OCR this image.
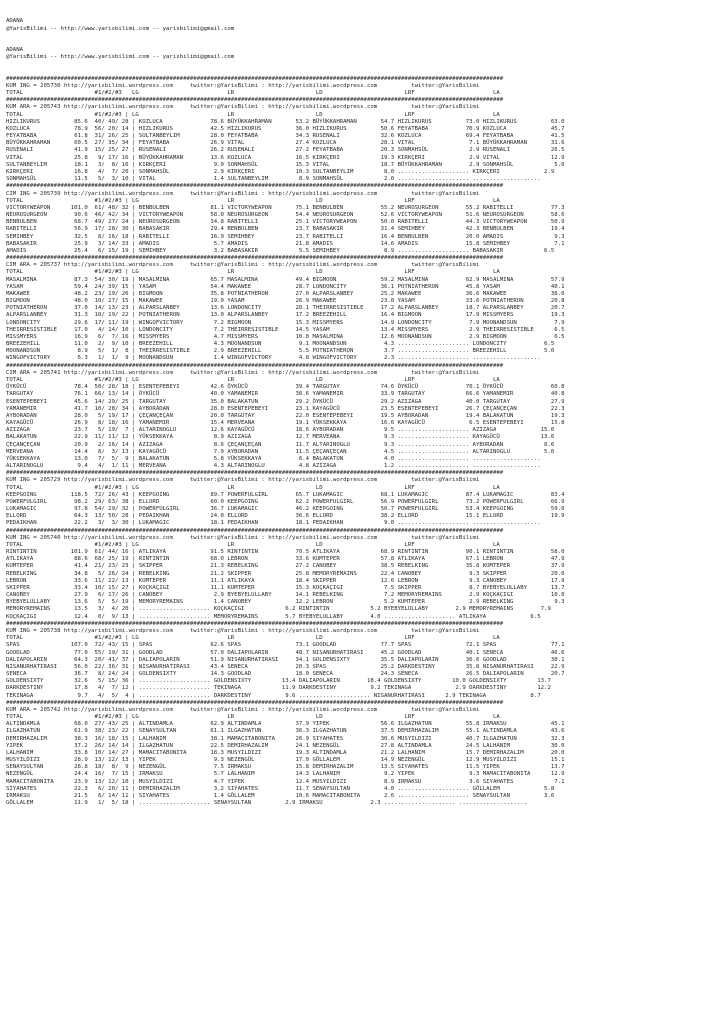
ADANA
@YarisBilimi -- http://www.yarisbilimi.com -- yarisbilimi@gmail.com
ADANA
@YarisBilimi -- http://www.yarisbilimi.com -- yarisbilimi@gmail.com

##################################################################################################################################################
KUM ING = 205730 http://yarisbilimi.wordpress.com     twitter:@YarisBilimi : http://yarisbilimi.wordpress.com          twitter:@YarisBilimi
TOTAL                     #1/#2/#3   LG                          LR                        LD                        LRF                       LA
##################################################################################################################################################
KUM ARA = 205743 http://yarisbilimi.wordpress.com     twitter:@YarisBilimi : http://yarisbilimi.wordpress.com          twitter:@YarisBilimi
TOTAL                     #1/#2/#3 | LG                          LR                        LD                        LRF                       LA
HIZLIKURUS          85.6  40/ 49/ 28 | KOZLUCA              78.6 BÜYÜKKAHRAMAN       53.2 BÜYÜKKAHRAMAN       54.7 HIZLIKURUS          73.0 HIZLIKURUS          63.0
KOZLUCA             78.9  56/ 20/ 14 | HIZLIKURUS           42.5 HIZLIKURUS          36.0 HIZLIKURUS          50.6 FEYATBABA           70.9 KOZLUCA             45.7
FEYATBABA           61.8  31/ 26/ 25 | SULTANBEYLIM         28.0 FEYATBABA           34.3 RUSENALI            32.6 KOZLUCA             69.4 FEYATBABA           41.5
BÜYÜKKAHRAMAN       60.5  27/ 35/ 34 | FEYATBABA            26.9 VITAL               27.4 KOZLUCA             28.1 VITAL                7.1 BÜYÜKKAHRAMAN       31.6
RUSENALI            41.9  15/ 25/ 27 | RUSENALI             26.2 RUSENALI            27.2 FEYATBABA           20.3 SONMAHSÜL            2.9 RUSENALI            26.5
VITAL               25.8   9/ 17/ 16 | BÜYÜKKAHRAMAN        13.6 KOZLUCA             16.5 KIRKÇERI            19.3 KIRKÇERI             2.9 VITAL               12.9
SULTANBEYLIM        18.1   3/  8/ 16 | KIRKÇERI              9.0 SONMAHSÜL           15.3 VITAL               18.7 BÜYÜKKAHRAMAN        2.9 SONMAHSÜL            5.0
KIRKÇERI            16.8   4/  7/ 20 | SONMAHSÜL             2.9 KIRKÇERI            10.3 SULTANBEYLIM         8.0 ..................... KIRKÇERI             2.9
SONMAHSÜL           11.5   5/  3/ 10 | VITAL                 1.4 SULTANBEYLIM         8.9 SONMAHSÜL            2.0 ..................... ....................
##################################################################################################################################################
CIM ING = 205739 http://yarisbilimi.wordpress.com     twitter:@YarisBilimi : http://yarisbilimi.wordpress.com          twitter:@YarisBilimi
TOTAL                     #1/#2/#3 | LG                          LR                        LD                        LRF                       LA
VICTORYWEAPON      101.0  61/ 48/ 32 | BENBULBEN            81.1 VICTORYWEAPON       75.1 BENBULBEN           55.2 NEUROSURGEON        55.2 RABITELLI           77.3
NEUROSURGEON        90.6  46/ 42/ 34 | VICTORYWEAPON        58.0 NEUROSURGEON        54.4 NEUROSURGEON        52.6 VICTORYWEAPON       51.6 NEUROSURGEON        58.6
BENBULBEN           68.7  49/ 27/ 24 | NEUROSURGEON         34.8 RABITELLI           25.1 VICTORYWEAPON       50.0 RABITELLI           44.3 VICTORYWEAPON       50.9
RABITELLI           56.9  17/ 28/ 30 | BABASAKIR            29.4 BENBULBEN           23.7 BABASAKIR           31.4 SEMIHBEY            42.3 BENBULBEN           19.4
SEMIHBEY            32.5   8/ 16/ 18 | RABITELLI            16.9 SEMIHBEY            23.7 RABITELLI           16.4 BENBULBEN           20.0 AMADIS               9.3
BABASAKIR           25.9   3/ 14/ 33 | AMADIS                5.7 AMADIS              21.8 AMADIS              14.6 AMADIS              15.8 SEMIHBEY             7.1
AMADIS              25.4   6/ 15/ 19 | SEMIHBEY              3.2 BABASAKIR            5.5 SEMIHBEY             8.9 ..................... BABASAKIR            6.5
##################################################################################################################################################
CIM ARA = 205737 http://yarisbilimi.wordpress.com     twitter:@YarisBilimi : http://yarisbilimi.wordpress.com          twitter:@YarisBilimi
TOTAL                     #1/#2/#3 | LG                          LR                        LD                        LRF                       LA
MASALMINA           87.3  54/ 30/ 19 | MASALMINA            65.7 MASALMINA           49.4 BIGMOON             59.2 MASALMINA           62.9 MASALMINA           57.9
YASAM               59.4  24/ 39/ 15 | YASAM                54.4 MAKAWEE             28.7 LONDONCITY          36.1 POTNIATHERON        45.8 YASAM               40.1
MAKAWEE             48.2  23/ 19/ 26 | BIGMOON              35.8 POTNIATHERON        27.0 ALPARSLANBEY        25.2 MAKAWEE             36.6 MAKAWEE             38.0
BIGMOON             48.0  10/ 27/ 15 | MAKAWEE              19.0 YASAM               26.9 MAKAWEE             23.8 YASAM               33.6 POTNIATHERON        20.8
POTNIATHERON        37.0  14/ 13/ 23 | ALPARSLANBEY         13.6 LONDONCITY          20.1 THEIRRESISTIBLE     17.2 ALPARSLANBEY        18.7 ALPARSLANBEY        20.7
ALPARSLANBEY        31.3  10/ 19/ 22 | POTNIATHERON         13.0 ALPARSLANBEY        17.2 BREEZEHILL          16.4 BIGMOON             17.9 MISSMYERS           19.3
LONDONCITY          29.6  17/ 11/ 19 | WINGOFVICTORY         7.2 BIGMOON             15.3 MISSMYERS           14.9 LONDONCITY           7.9 MOONANDSUN           7.9
THEIRRESISTIBLE     17.0   4/ 14/ 10 | LONDONCITY            7.2 THEIRRESISTIBLE     14.5 YASAM               13.4 MISSMYERS            2.9 THEIRRESISTIBLE      6.5
MISSMYERS           16.9   6/  7/ 16 | MISSMYERS             4.7 MISSMYERS           10.8 MASALMINA           12.6 MOONANDSUN           2.9 BIGMOON              6.5
BREEZEHILL          11.0   2/  9/ 10 | BREEZEHILL            4.3 MOONANDSUN           9.1 MOONANDSUN           4.3 ..................... LONDONCITY           6.5
MOONANDSUN           8.9   5/  1/  8 | THEIRRESISTIBLE       2.9 BREEZEHILL           5.5 POTNIATHERON         3.7 ..................... BREEZEHILL           5.0
WINGOFVICTORY        6.3   1/  1/  9 | MOONANDSUN            1.4 WINGOFVICTORY        4.8 WINGOFVICTORY        2.3 ..................... ....................
##################################################################################################################################################
CIM ARA = 205741 http://yarisbilimi.wordpress.com     twitter:@YarisBilimi : http://yarisbilimi.wordpress.com          twitter:@YarisBilimi
TOTAL                     #1/#2/#3 | LG                          LR                        LD                        LRF                       LA
ÖYKÜCÜ              78.4  50/ 28/ 18 | ESENTEPEBEYI         42.6 ÖYKÜCÜ              39.4 TARGUTAY            74.6 ÖYKÜCÜ              70.1 ÖYKÜCÜ              60.8
TARGUTAY            76.1  66/ 13/ 14 | ÖYKÜCÜ               40.0 YAMANEMIR           30.6 YAMANEMIR           33.9 TARGUTAY            66.6 YAMANEMIR           40.8
ESENTEPEBEYI        45.6  14/ 29/ 25 | TARGUTAY             35.0 BALAKATUN           29.2 ÖYKÜCÜ              29.2 AZIZAGA             40.0 TARGUTAY            27.9
YAMANEMIR           41.7  10/ 28/ 34 | AYBORADAN            28.0 ESENTEPEBEYI        23.1 KAYAGÜCÜ            23.5 ESENTEPEBEYI        26.7 ÇEÇANÇEÇAN          22.3
AYBORADAN           28.0   5/ 19/ 17 | ÇEÇANÇEÇAN           20.0 TARGUTAY            22.0 ESENTEPEBEYI        19.5 AYBORADAN           19.4 BALAKATUN           19.3
KAYAGÜCÜ            26.9   8/ 18/ 16 | YAMANEMIR            15.4 MERVEANA            19.1 YÜKSEKKAYA          16.6 KAYAGÜCÜ             6.5 ESENTEPEBEYI        15.8
AZIZAGA             23.7   5/ 19/  7 | ALTARINOGLU          12.6 KAYAGÜCÜ            18.6 AYBORADAN            9.5 ..................... AZIZAGA             15.0
BALAKATUN           22.9  11/ 11/ 12 | YÜKSEKKAYA            8.9 AZIZAGA             12.7 MERVEANA             9.3 ..................... KAYAGÜCÜ            13.6
ÇEÇANÇEÇAN          20.9   2/ 16/ 14 | AZIZAGA               8.6 ÇEÇANÇEÇAN          11.7 ALTARINOGLU          9.3 ..................... AYBORADAN            8.6
MERVEANA            14.4   8/  3/ 13 | KAYAGÜCÜ              7.9 AYBORADAN           11.5 ÇEÇANÇEÇAN           4.5 ..................... ALTARINOGLU          5.0
YÜKSEKKAYA          13.0   7/  5/  9 | BALAKATUN             5.8 YÜKSEKKAYA           6.4 BALAKATUN            4.0 ..................... ....................
ALTARINOGLU          9.4   4/  1/ 11 | MERVEANA              4.3 ALTARINOGLU          4.8 AZIZAGA              1.2 ..................... ....................
##################################################################################################################################################
KUM ING = 205729 http://yarisbilimi.wordpress.com     twitter:@YarisBilimi : http://yarisbilimi.wordpress.com          twitter:@YarisBilimi
TOTAL                     #1/#2/#3 | LG                          LR                        LD                        LRF                       LA
KEEPGOING          118.5  72/ 26/ 43 | KEEPGOING            89.7 POWERFULGIRL        65.7 LUKAMAGIC           68.1 LUKAMAGIC           87.4 LUKAMAGIC           83.4
POWERFULGIRL        98.2  29/ 63/ 38 | ELLORD               60.0 KEEPGOING           62.2 POWERFULGIRL        56.9 POWERFULGIRL        73.2 POWERFULGIRL        66.9
LUKAMAGIC           97.8  54/ 29/ 32 | POWERFULGIRL         36.7 LUKAMAGIC           46.2 KEEPGOING           56.7 POWERFULGIRL        53.4 KEEPGOING           59.0
ELLORD              64.3  13/ 50/ 28 | PEDAIKHAN            24.0 ELLORD              36.6 ELLORD              38.2 ELLORD              15.1 ELLORD              19.9
PEDAIKHAN           22.2   3/  3/ 30 | LUKAMAGIC            18.1 PEDAIKHAN           18.1 PEDAIKHAN            9.0 ..................... ....................
##################################################################################################################################################
KUM ING = 205740 http://yarisbilimi.wordpress.com     twitter:@YarisBilimi : http://yarisbilimi.wordpress.com          twitter:@YarisBilimi
TOTAL                     #1/#2/#3 | LG                          LR                        LD                        LRF                       LA
RINTINTIN          101.9  61/ 44/ 16 | ATLIKAYA             91.5 RINTINTIN           70.5 ATLIKAYA            68.9 RINTINTIN           90.1 RINTINTIN           58.0
ATLIKAYA            88.6  68/ 25/ 19 | RINTINTIN            68.0 LEBRON              33.6 KUMTEPER            57.8 ATLIKAYA            67.1 LEBRON              47.9
KUMTEPER            41.4  21/ 23/ 23 | SKIPPER              21.3 REBELKING           27.2 CANOBEY             38.5 REBELKING           35.8 KUMTEPER            37.9
REBELKING           34.8   5/ 26/ 24 | REBELKING            21.2 SKIPPER             25.8 MEMORYREMAINS       22.4 CANOBEY              9.3 SKIPPER             20.0
LEBRON              33.6  11/ 22/ 13 | KUMTEPER             11.1 ATLIKAYA            18.4 SKIPPER             12.6 LEBRON               9.3 CANOBEY             17.9
SKIPPER             33.4  10/ 15/ 27 | KOÇKAÇIGI            11.1 KUMTEPER            15.3 KOÇKAÇIGI            7.5 SKIPPER              8.7 BYEBYELULLABY       13.7
CANOBEY             27.9   6/ 17/ 26 | CANOBEY               2.9 BYEBYELULLABY       14.1 REBELKING            7.2 MEMORYREMAINS        2.9 KOÇKAÇIGI           10.0
BYEBYELULLABY       13.6   5/  5/ 19 | MEMORYREMAINS         1.4 CANOBEY             12.2 LEBRON               5.2 KUMTEPER             2.9 REBELKING            9.3
MEMORYREMAINS       13.5   3/  4/ 20 | ..................... KOÇKAÇIGI            6.2 RINTINTIN            5.2 BYEBYELULLABY        2.9 MEMORYREMAINS        7.9
KOÇKAÇIGI           12.4   0/  9/ 13 | ..................... MEMORYREMAINS        5.7 BYEBYELULLABY        4.0 ..................... ATLIKAYA             6.5
##################################################################################################################################################
KUM ING = 205738 http://yarisbilimi.wordpress.com     twitter:@YarisBilimi : http://yarisbilimi.wordpress.com          twitter:@YarisBilimi
TOTAL                     #1/#2/#3 | LG                          LR                        LD                        LRF                       LA
SPAS               107.0  72/ 43/ 15 | SPAS                 62.6 SPAS                73.1 GOODLAD             77.7 SPAS                72.1 SPAS                77.1
GOODLAD             77.0  55/ 19/ 31 | GOODLAD              57.0 DALIAPOLARIN        48.7 NISANURHATIRASI     45.2 GOODLAD             40.1 SENECA              46.6
DALIAPOLARIN        64.3  20/ 41/ 37 | DALIAPOLARIN         51.9 NISANURHATIRASI     34.1 GOLDENSIXTY         35.5 DALIAPOLARIN        36.6 GOODLAD             30.1
NISANURHATIRASI     56.0  22/ 36/ 31 | NISANURHATIRASI      43.4 SENECA              20.3 SPAS                25.2 DARKDESTINY         35.8 NISANURHATIRASI     22.9
SENECA              36.7   8/ 24/ 24 | GOLDENSIXTY          14.3 GOODLAD             18.0 SENECA              24.3 SENECA              26.5 DALIAPOLARIN        20.7
GOLDENSIXTY         32.6   5/ 15/ 36 | ..................... GOLDENSIXTY         13.4 DALIAPOLARIN        18.4 GOLDENSIXTY         10.0 GOLDENSIXTY         13.7
DARKDESTINY         17.8   4/  7/ 12 | ..................... TEKINAGA            11.9 DARKDESTINY          9.2 TEKINAGA             2.9 DARKDESTINY         12.2
TEKINAGA             9.7   4/  5/  4 | ..................... DARKDESTINY          9.6 ..................... NISANURHATIRASI      2.9 TEKINAGA             8.7
##################################################################################################################################################
KUM ARA = 205742 http://yarisbilimi.wordpress.com     twitter:@YarisBilimi : http://yarisbilimi.wordpress.com          twitter:@YarisBilimi
TOTAL                     #1/#2/#3 | LG                          LR                        LD                        LRF                       LA
ALTINDAMLA          68.0  27/ 43/ 25 | ALTINDAMLA           62.9 ALTINDAMLA          37.9 YIPEK               56.6 ILGAZHATUN          55.8 IRMAKSU             45.1
ILGAZHATUN          61.9  38/ 23/ 22 | SENAYSULTAN          61.1 ILGAZHATUN          36.3 ILGAZHATUN          37.5 DEMIRHAZALIM        55.1 ALTINDAMLA          43.6
DEMIRHAZALIM        38.3  16/ 18/ 15 | LALHANIM             38.1 MAMACITABONITA      26.9 SIYAHATES           30.6 MUSYILDIZI          40.7 ILGAZHATUN          32.3
YIPEK               37.2  26/ 14/ 14 | ILGAZHATUN           22.5 DEMIRHAZALIM        24.1 NEZENGÜL            27.8 ALTINDAMLA          24.5 LALHANIM            30.0
LALHANIM            33.8  10/ 14/ 27 | MAMACITABONITA       18.3 MUSYILDIZI          19.3 ALTINDAMLA          21.2 LALHANIM            15.7 DEMIRHAZALIM        20.0
MUSYILDIZI          28.9  13/ 12/ 13 | YIPEK                 9.3 NEZENGÜL            17.0 GÖLLALEM            14.9 NEZENGÜL            12.9 MUSYILDIZI          15.1
SENAYSULTAN         28.8  18/  8/  9 | NEZENGÜL              7.5 IRMAKSU             15.8 DEMIRHAZALIM        13.5 SIYAHATES           11.5 YIPEK               13.7
NEZENGÜL            24.4  16/  7/ 15 | IRMAKSU               5.7 LALHANIM            14.3 LALHANIM             9.2 YIPEK                9.3 MAMACITABONITA      12.9
MAMACITABONITA      23.9  13/ 12/ 10 | MUSYILDIZI            4.7 YIPEK               12.4 MUSYILDIZI           8.9 IRMAKSU              3.6 SIYAHATES            7.1
SIYAHATES           22.3   6/ 20/ 11 | DEMIRHAZALIM          3.2 SIYAHATES           11.7 SENAYSULTAN          4.0 ..................... GÖLLALEM             5.8
IRMAKSU             21.5   6/ 14/ 11 | SIYAHATES             1.4 GÖLLALEM            10.6 MAMACITABONITA       2.6 ..................... SENAYSULTAN          3.6
GÖLLALEM            11.9   1/  5/ 18 | ..................... SENAYSULTAN          2.9 IRMAKSU              2.3 ..................... ....................
